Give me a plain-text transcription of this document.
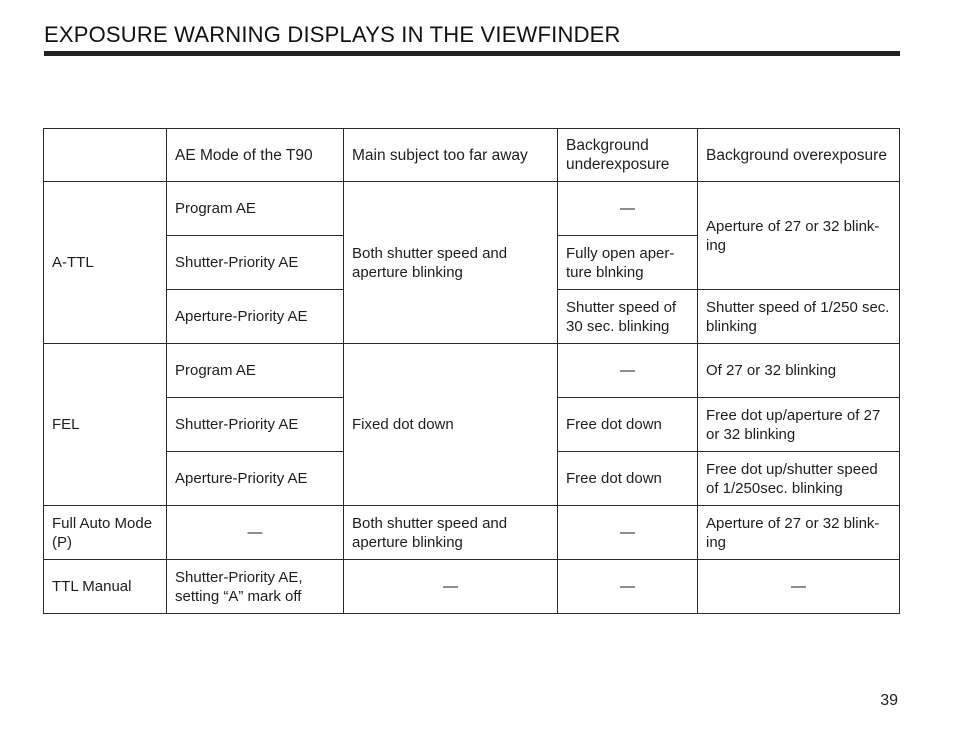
EXPOSURE WARNING DISPLAYS IN THE VIEWFINDER
	AE Mode of the T90	Main subject too far away	Background underexposure	Background overexposure
A-TTL	Program AE	Both shutter speed and aperture blinking	—	Aperture of 27 or 32 blink-ing
	Shutter-Priority AE		Fully open aper-ture blnking	
	Aperture-Priority AE		Shutter speed of 30 sec. blinking	Shutter speed of 1/250 sec. blinking
FEL	Program AE	Fixed dot down	—	Of 27 or 32 blinking
	Shutter-Priority AE		Free dot down	Free dot up/aperture of 27 or 32 blinking
	Aperture-Priority AE		Free dot down	Free dot up/shutter speed of 1/250sec. blinking
Full Auto Mode (P)	—	Both shutter speed and aperture blinking	—	Aperture of 27 or 32 blink-ing
TTL Manual	Shutter-Priority AE, setting “A” mark off	—	—	—
39
